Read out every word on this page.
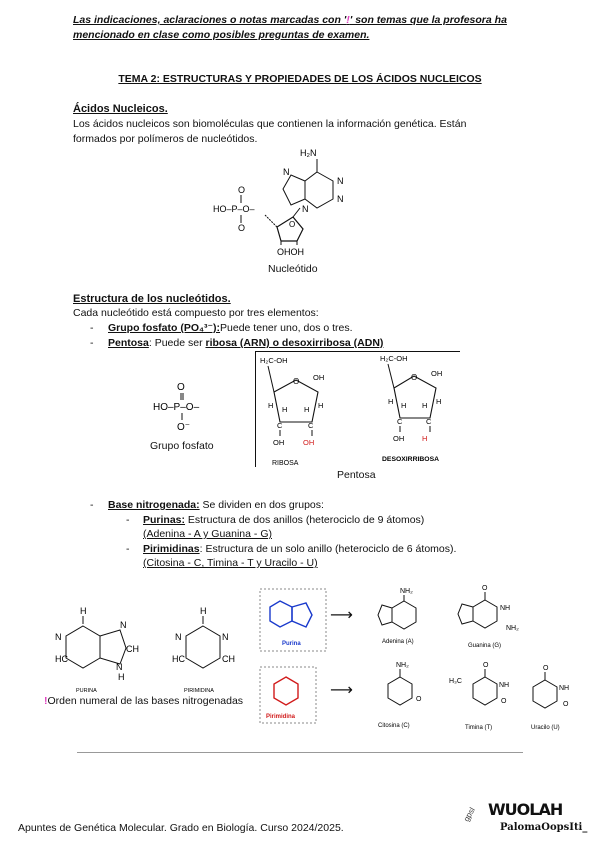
Las indicaciones, aclaraciones o notas marcadas con '!' son temas que la profesora ha mencionado en clase como posibles preguntas de examen.
TEMA 2: ESTRUCTURAS Y PROPIEDADES DE LOS ÁCIDOS NUCLEICOS
Ácidos Nucleicos.
Los ácidos nucleicos son biomoléculas que contienen la información genética. Están formados por polímeros de nucleótidos.
H₂N
N
N
N
N
O
OHOH
HO–P–O–
O
O
Nucleótido
Estructura de los nucleótidos.
Cada nucleótido está compuesto por tres elementos:
- Grupo fosfato (PO₄³⁻):Puede tener uno, dos o tres.
- Pentosa: Puede ser ribosa (ARN) o desoxirribosa (ADN)
O
HO–P–O–
O⁻
Grupo fosfato
H₂C-OH
O OH
H	H
H H
C	C
OH	OH
RIBOSA
H₂C-OH
O OH
H	H
H H
C	C
OH H
DESOXIRRIBOSA
Pentosa
- Base nitrogenada: Se dividen en dos grupos:
- Purinas: Estructura de dos anillos (heterociclo de 9 átomos)
(Adenina - A y Guanina - G)
- Pirimidinas: Estructura de un solo anillo (heterociclo de 6 átomos).
(Citosina - C, Timina - T y Uracilo - U)
H
N
HC
N
CH
N
H
PURINA
H
N	N
HC	CH
PIRIMIDINA
Purina
⟶
Pirimidina
⟶
!Orden numeral de las bases nitrogenadas
NH₂
Adenina (A)
O
NH
NH₂
Guanina (G)
NH₂
O
Citosina (C)
O
H₃C
NH
O
Timina (T)
O
NH
O
Uracilo (U)
Apuntes de Genética Molecular. Grado en Biología. Curso 2024/2025.
gpsl WUOLAH
PalomaOopsIti_
